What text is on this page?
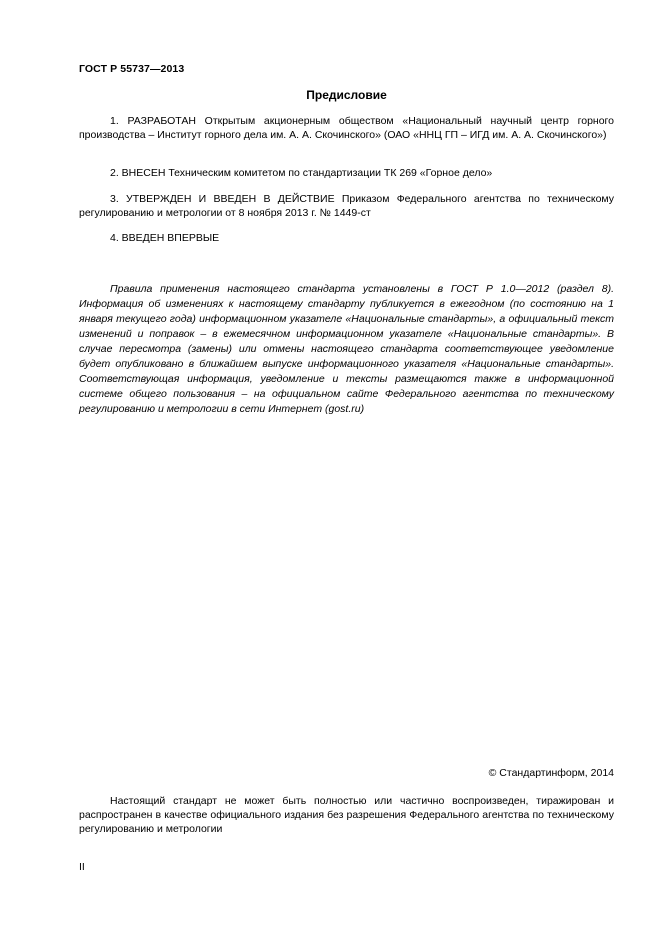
ГОСТ Р 55737—2013
Предисловие

1. РАЗРАБОТАН Открытым акционерным обществом «Национальный научный центр горного производства – Институт горного дела им. А. А. Скочинского» (ОАО «ННЦ ГП – ИГД им. А. А. Скочинского»)

2. ВНЕСЕН Техническим комитетом по стандартизации ТК 269 «Горное дело»

3. УТВЕРЖДЕН И ВВЕДЕН В ДЕЙСТВИЕ Приказом Федерального агентства по техническому регулированию и метрологии от 8 ноября 2013 г. № 1449-ст

4. ВВЕДЕН ВПЕРВЫЕ

Правила применения настоящего стандарта установлены в ГОСТ Р 1.0—2012 (раздел 8). Информация об изменениях к настоящему стандарту публикуется в ежегодном (по состоянию на 1 января текущего года) информационном указателе «Национальные стандарты», а официальный текст изменений и поправок – в ежемесячном информационном указателе «Национальные стандарты». В случае пересмотра (замены) или отмены настоящего стандарта соответствующее уведомление будет опубликовано в ближайшем выпуске информационного указателя «Национальные стандарты». Соответствующая информация, уведомление и тексты размещаются также в информационной системе общего пользования – на официальном сайте Федерального агентства по техническому регулированию и метрологии в сети Интернет (gost.ru)

© Стандартинформ, 2014

Настоящий стандарт не может быть полностью или частично воспроизведен, тиражирован и распространен в качестве официального издания без разрешения Федерального агентства по техническому регулированию и метрологии

II
